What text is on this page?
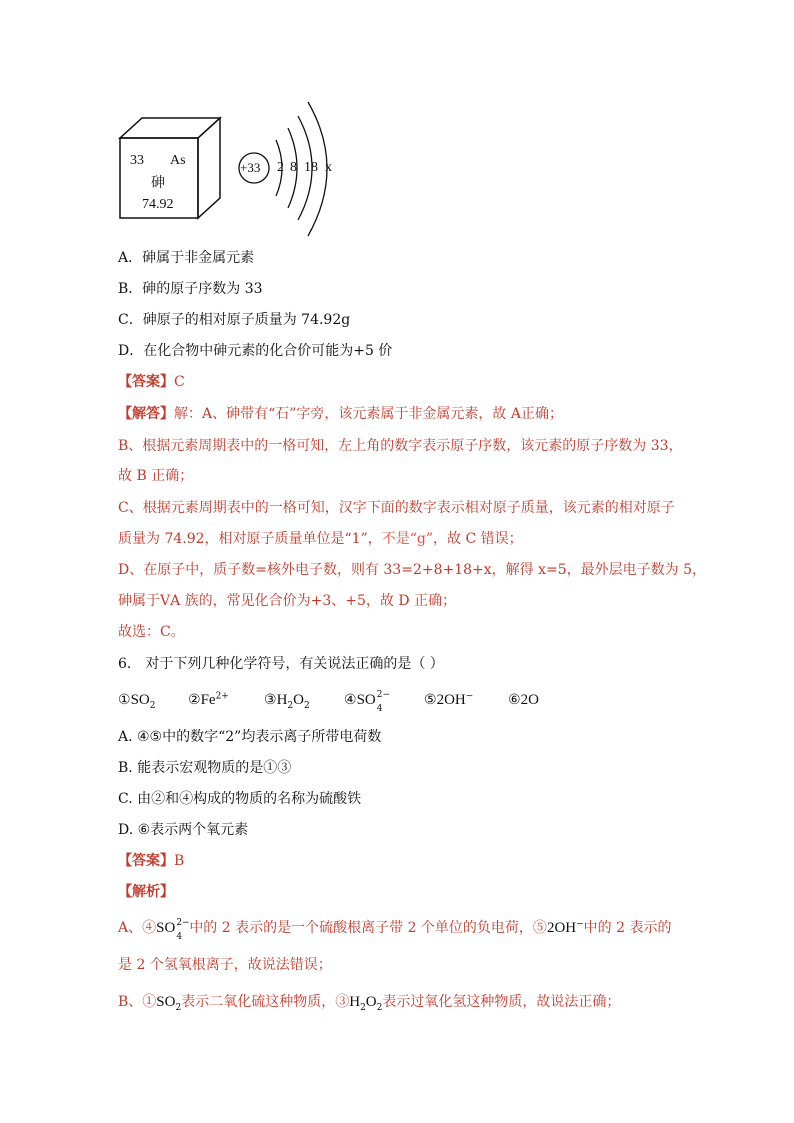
33 As
砷
74.92
+33 2 8 18 x
A．砷属于非金属元素
B．砷的原子序数为 33
C．砷原子的相对原子质量为 74.92g
D．在化合物中砷元素的化合价可能为+5 价
【答案】C
【解答】解：A、砷带有“石”字旁，该元素属于非金属元素，故 A正确；
B、根据元素周期表中的一格可知，左上角的数字表示原子序数，该元素的原子序数为 33，
故 B 正确；
C、根据元素周期表中的一格可知，汉字下面的数字表示相对原子质量，该元素的相对原子
质量为 74.92，相对原子质量单位是“1”，不是“g”，故 C 错误；
D、在原子中，质子数=核外电子数，则有 33=2+8+18+x，解得 x=5，最外层电子数为 5，
砷属于ⅤA 族的，常见化合价为+3、+5，故 D 正确；
故选：C。
6． 对于下列几种化学符号，有关说法正确的是（ ）
$①SO_2$ $②Fe^{2+}$	$③H_2O_2$ ④SO 2−
4
⑤2OH− ⑥2O
A. ④⑤中的数字“2”均表示离子所带电荷数
B. 能表示宏观物质的是①③
C. 由②和④构成的物质的名称为硫酸铁
D. ⑥表示两个氧元素
【答案】B
【解析】
A、④SO 2−
4
中的 2 表示的是一个硫酸根离子带 2 个单位的负电荷，⑤2OH−中的 2 表示的
是 2 个氢氧根离子，故说法错误；
B、$①SO_2$表示二氧化硫这种物质，$③H_2O_2$表示过氧化氢这种物质，故说法正确；
